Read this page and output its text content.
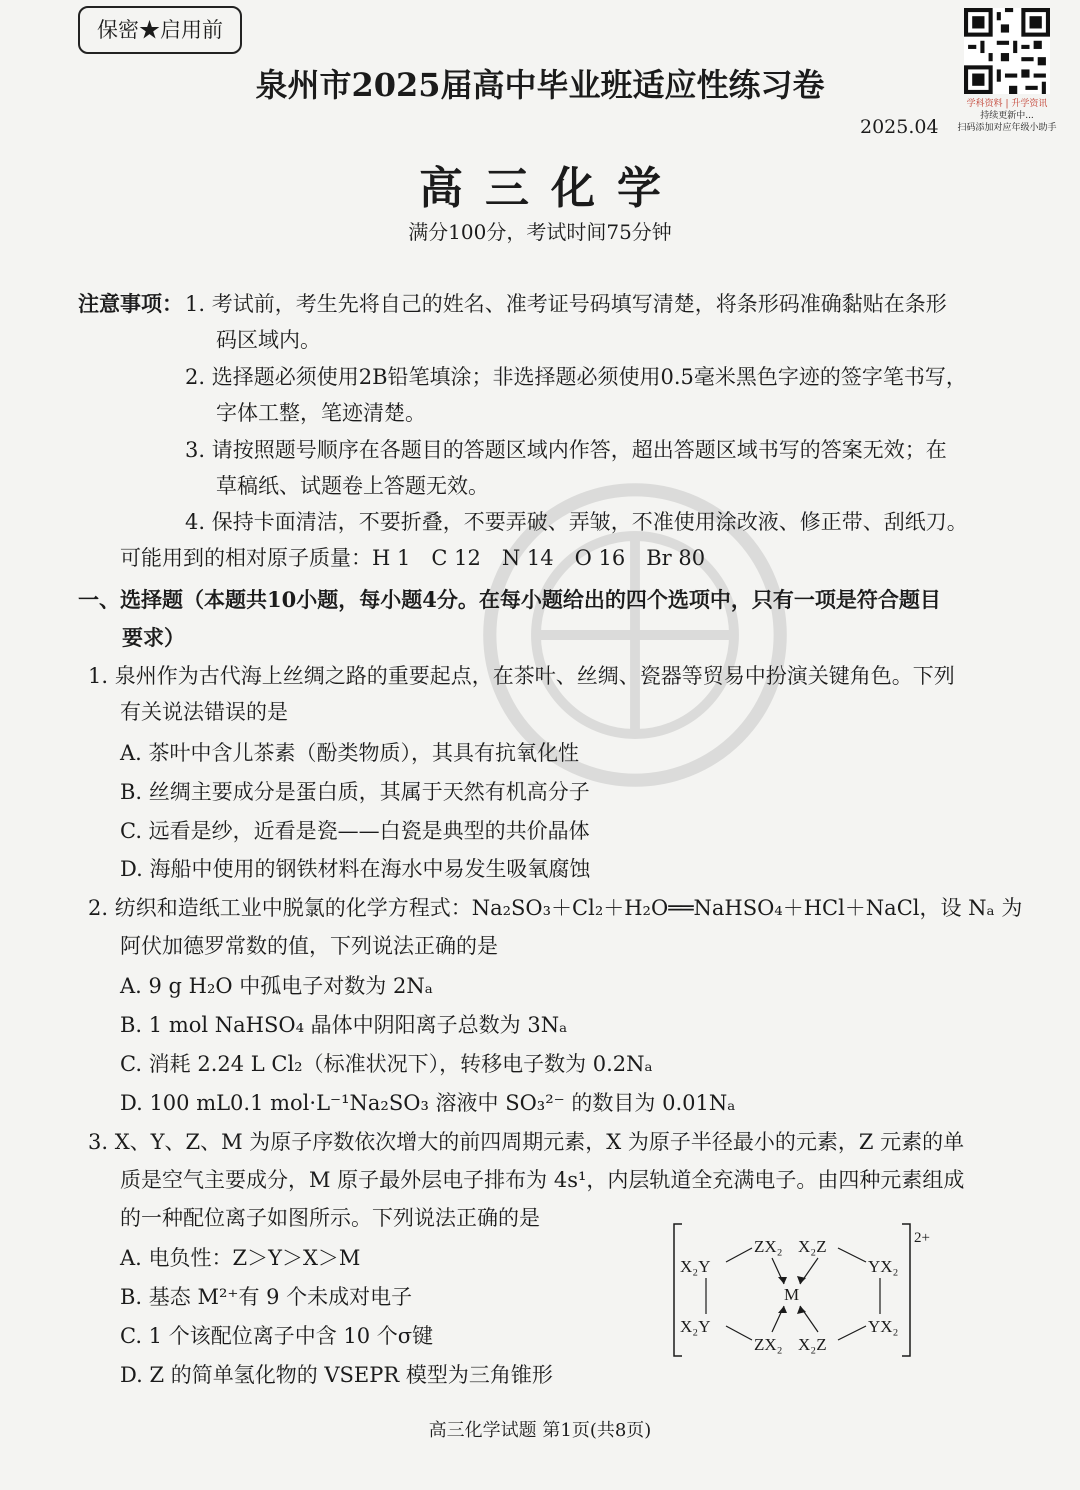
保密★启用前
泉州市2025届高中毕业班适应性练习卷
2025.04
学科资料 | 升学资讯
持续更新中...
扫码添加对应年级小助手
高三化学
满分100分，考试时间75分钟
注意事项： 1. 考试前，考生先将自己的姓名、准考证号码填写清楚，将条形码准确黏贴在条形
码区域内。
2. 选择题必须使用2B铅笔填涂；非选择题必须使用0.5毫米黑色字迹的签字笔书写，
字体工整，笔迹清楚。
3. 请按照题号顺序在各题目的答题区域内作答，超出答题区域书写的答案无效；在
草稿纸、试题卷上答题无效。
4. 保持卡面清洁，不要折叠，不要弄破、弄皱，不准使用涂改液、修正带、刮纸刀。
可能用到的相对原子质量：H 1　C 12　N 14　O 16　Br 80
一、选择题（本题共10小题，每小题4分。在每小题给出的四个选项中，只有一项是符合题目
要求）
1. 泉州作为古代海上丝绸之路的重要起点，在茶叶、丝绸、瓷器等贸易中扮演关键角色。下列
有关说法错误的是
A. 茶叶中含儿茶素（酚类物质），其具有抗氧化性
B. 丝绸主要成分是蛋白质，其属于天然有机高分子
C. 远看是纱，近看是瓷——白瓷是典型的共价晶体
D. 海船中使用的钢铁材料在海水中易发生吸氧腐蚀
2. 纺织和造纸工业中脱氯的化学方程式：Na₂SO₃＋Cl₂＋H₂O══NaHSO₄＋HCl＋NaCl，设 Nₐ 为
阿伏加德罗常数的值，下列说法正确的是
A. 9 g H₂O 中孤电子对数为 2Nₐ
B. 1 mol NaHSO₄ 晶体中阴阳离子总数为 3Nₐ
C. 消耗 2.24 L Cl₂（标准状况下），转移电子数为 0.2Nₐ
D. 100 mL0.1 mol·L⁻¹Na₂SO₃ 溶液中 SO₃²⁻ 的数目为 0.01Nₐ
3. X、Y、Z、M 为原子序数依次增大的前四周期元素，X 为原子半径最小的元素，Z 元素的单
质是空气主要成分，M 原子最外层电子排布为 4s¹，内层轨道全充满电子。由四种元素组成
的一种配位离子如图所示。下列说法正确的是
A. 电负性：Z＞Y＞X＞M
B. 基态 M²⁺有 9 个未成对电子
C. 1 个该配位离子中含 10 个σ键
D. Z 的简单氢化物的 VSEPR 模型为三角锥形
2+
X₂Y
X₂Y
YX₂
YX₂
ZX₂ X₂Z
ZX₂ X₂Z
M
高三化学试题 第1页(共8页)
